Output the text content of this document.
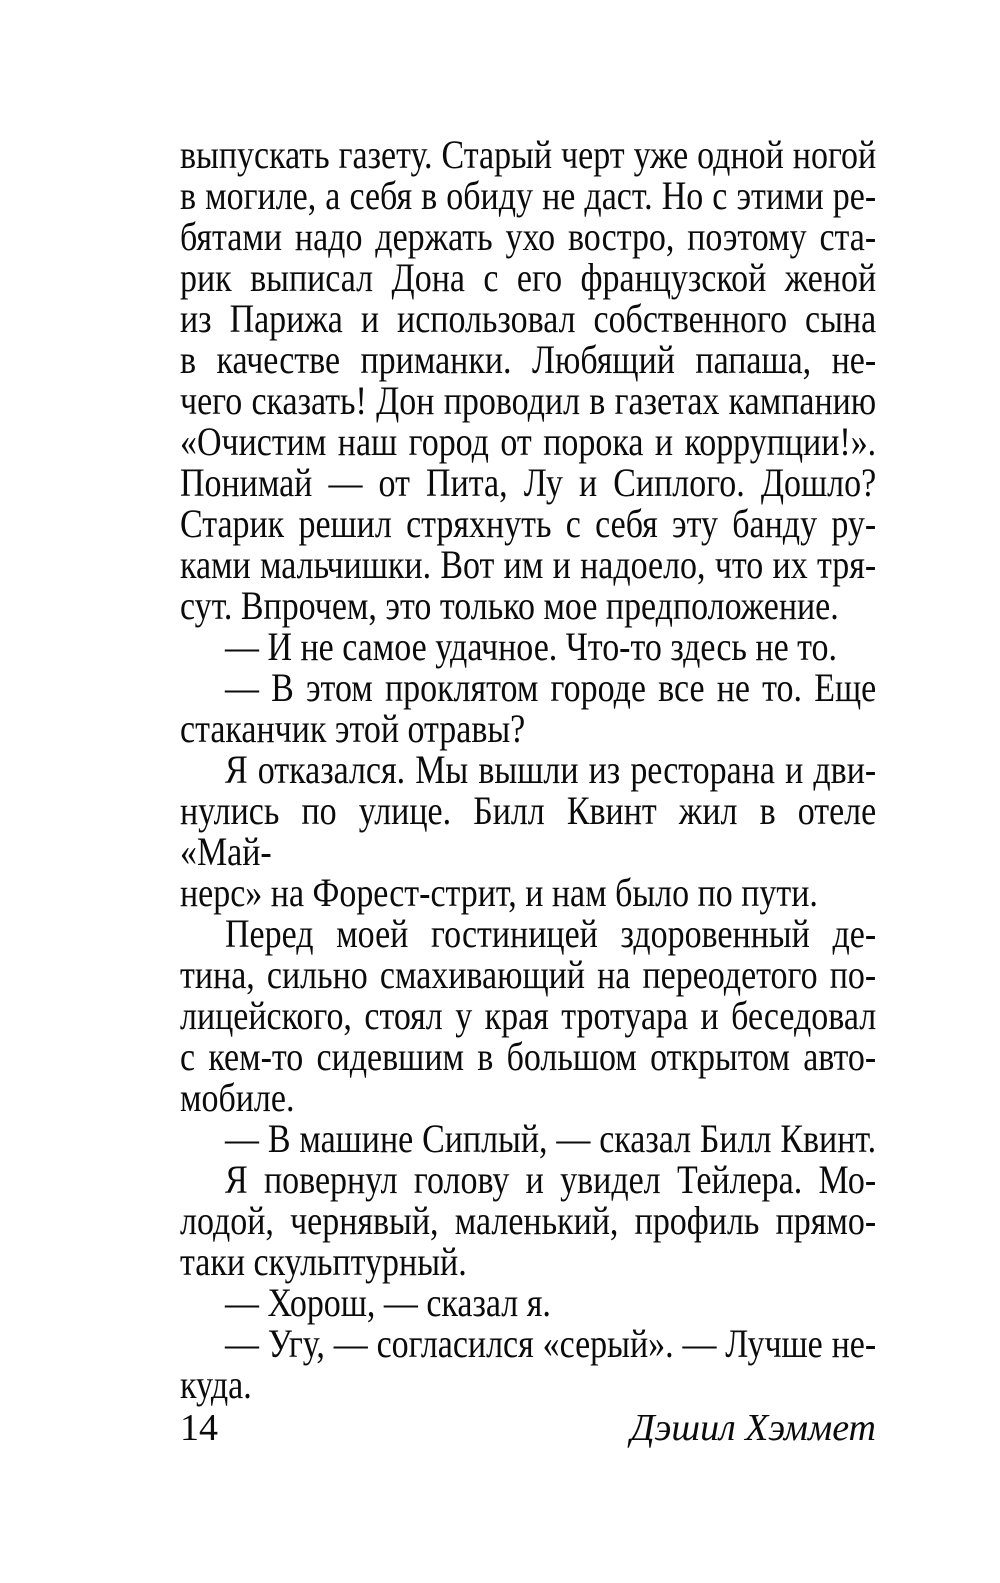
выпускать газету. Старый черт уже одной ногой
в могиле, а себя в обиду не даст. Но с этими ре-
бятами надо держать ухо востро, поэтому ста-
рик выписал Дона с его французской женой
из Парижа и использовал собственного сына
в качестве приманки. Любящий папаша, не-
чего сказать! Дон проводил в газетах кампанию
«Очистим наш город от порока и коррупции!».
Понимай — от Пита, Лу и Сиплого. Дошло?
Старик решил стряхнуть с себя эту банду ру-
ками мальчишки. Вот им и надоело, что их тря-
сут. Впрочем, это только мое предположение.
— И не самое удачное. Что-то здесь не то.
— В этом проклятом городе все не то. Еще
стаканчик этой отравы?
Я отказался. Мы вышли из ресторана и дви-
нулись по улице. Билл Квинт жил в отеле «Май-
нерс» на Форест-стрит, и нам было по пути.
Перед моей гостиницей здоровенный де-
тина, сильно смахивающий на переодетого по-
лицейского, стоял у края тротуара и беседовал
с кем-то сидевшим в большом открытом авто-
мобиле.
— В машине Сиплый, — сказал Билл Квинт.
Я повернул голову и увидел Тейлера. Мо-
лодой, чернявый, маленький, профиль прямо-
таки скульптурный.
— Хорош, — сказал я.
— Угу, — согласился «серый». — Лучше не-
куда.
14	Дэшил Хэммет
